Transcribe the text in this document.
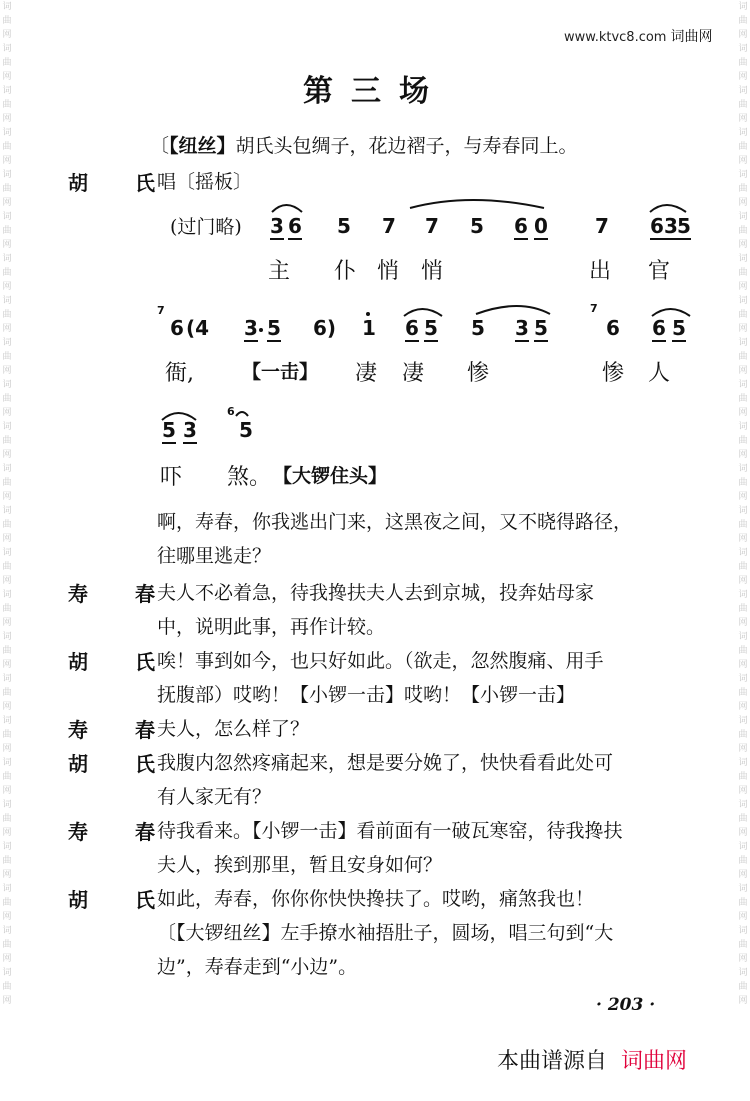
词曲网词曲网词曲网词曲网词曲网词曲网词曲网词曲网词曲网词曲网词曲网词曲网词曲网词曲网词曲网词曲网词曲网词曲网词曲网词曲网词曲网词曲网词曲网词曲网
词曲网词曲网词曲网词曲网词曲网词曲网词曲网词曲网词曲网词曲网词曲网词曲网词曲网词曲网词曲网词曲网词曲网词曲网词曲网词曲网词曲网词曲网词曲网词曲网
www.ktvc8.com 词曲网
第三场
〔【纽丝】胡氏头包绸子，花边褶子，与寿春同上。
胡 氏
唱〔摇板〕
(过门略) 3 6 5 7 7 5 6 0 7 6 3 5
主 仆 悄 悄	出 官
7
6 (4 3 5 6) 1 6 5 5 3 5
7
6 6 5
衙,	【一击】 凄 凄 惨	惨 人
5 3
6
5
吓 煞。 【大锣住头】
啊，寿春，你我逃出门来，这黑夜之间，又不晓得路径，
往哪里逃走？
寿 春
夫人不必着急，待我搀扶夫人去到京城，投奔姑母家
中，说明此事，再作计较。
胡 氏
唉！事到如今，也只好如此。（欲走，忽然腹痛、用手
抚腹部）哎哟！【小锣一击】哎哟！【小锣一击】
寿 春
夫人，怎么样了？
胡 氏
我腹内忽然疼痛起来，想是要分娩了，快快看看此处可
有人家无有？
寿 春
待我看来。【小锣一击】看前面有一破瓦寒窑，待我搀扶
夫人，挨到那里，暂且安身如何？
胡 氏
如此，寿春，你你你快快搀扶了。哎哟，痛煞我也！
〔【大锣纽丝】左手撩水袖捂肚子，圆场，唱三句到“大
边”，寿春走到“小边”。
· 203 ·
本曲谱源自 词曲网
